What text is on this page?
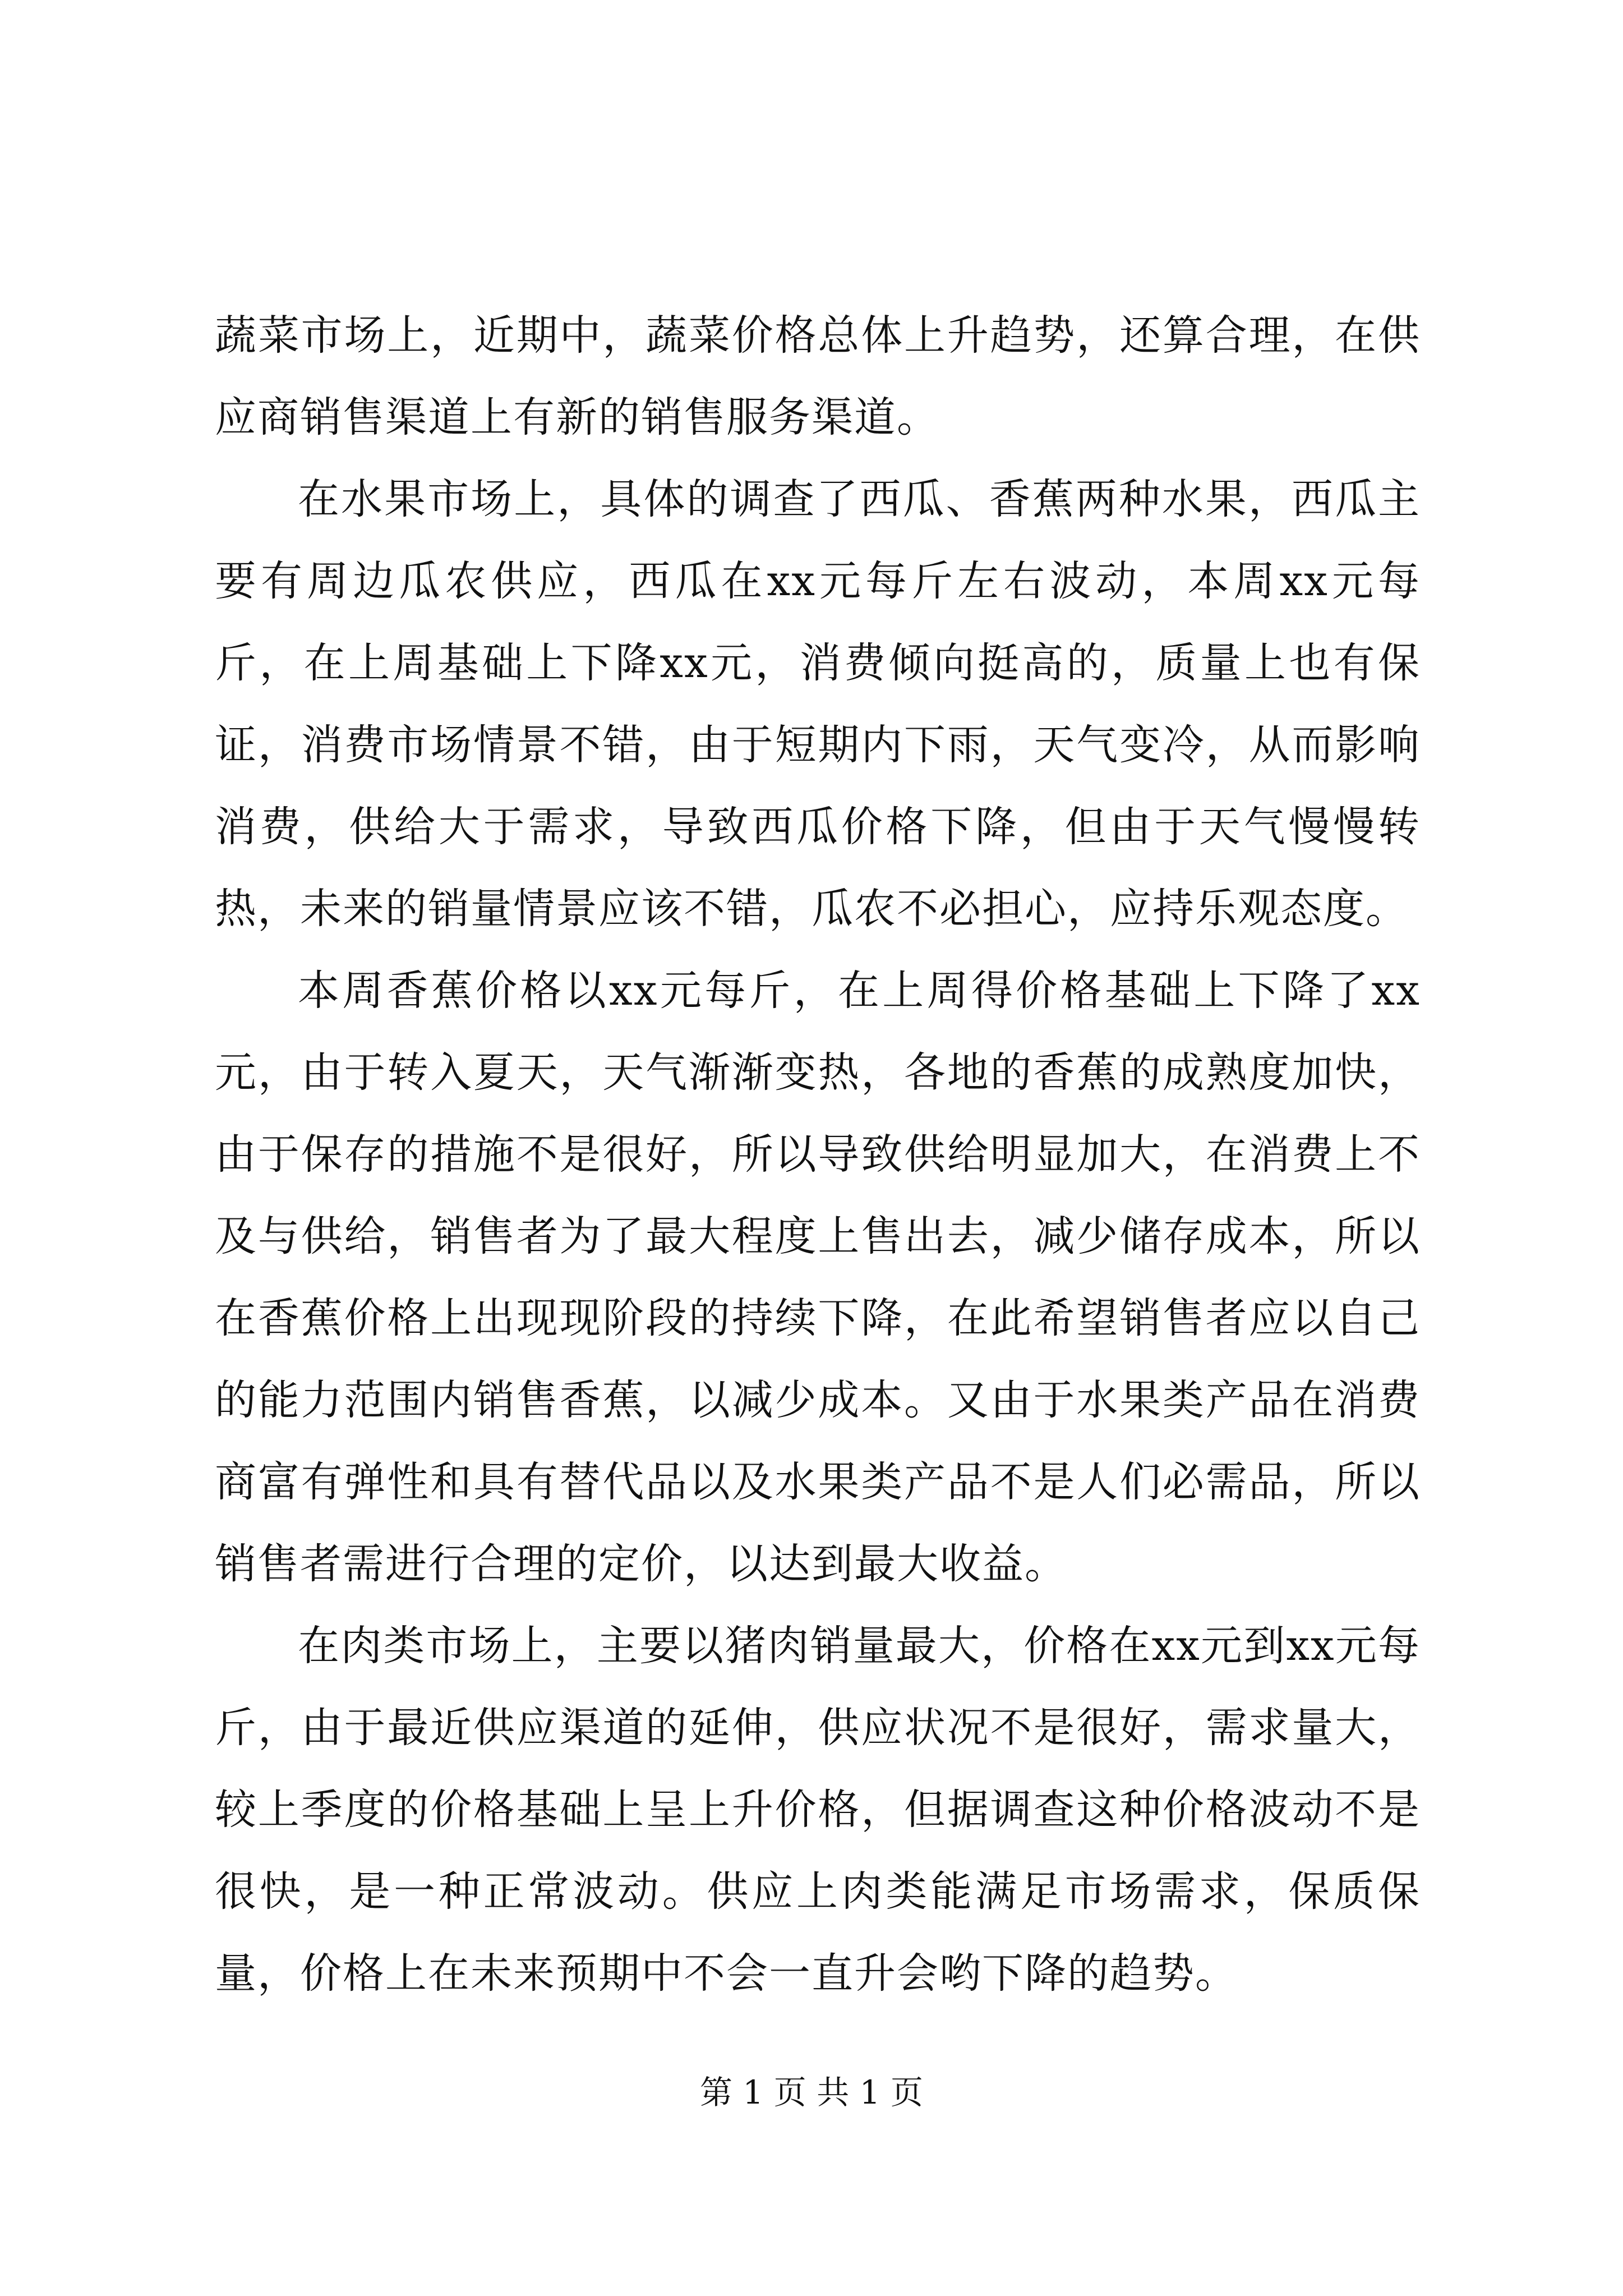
蔬菜市场上，近期中，蔬菜价格总体上升趋势，还算合理，在供应商销售渠道上有新的销售服务渠道。

在水果市场上，具体的调查了西瓜、香蕉两种水果，西瓜主要有周边瓜农供应，西瓜在xx元每斤左右波动，本周xx元每斤，在上周基础上下降xx元，消费倾向挺高的，质量上也有保证，消费市场情景不错，由于短期内下雨，天气变冷，从而影响消费，供给大于需求，导致西瓜价格下降，但由于天气慢慢转热，未来的销量情景应该不错，瓜农不必担心，应持乐观态度。

本周香蕉价格以xx元每斤，在上周得价格基础上下降了xx元，由于转入夏天，天气渐渐变热，各地的香蕉的成熟度加快，由于保存的措施不是很好，所以导致供给明显加大，在消费上不及与供给，销售者为了最大程度上售出去，减少储存成本，所以在香蕉价格上出现现阶段的持续下降，在此希望销售者应以自己的能力范围内销售香蕉，以减少成本。又由于水果类产品在消费商富有弹性和具有替代品以及水果类产品不是人们必需品，所以销售者需进行合理的定价，以达到最大收益。

在肉类市场上，主要以猪肉销量最大，价格在xx元到xx元每斤，由于最近供应渠道的延伸，供应状况不是很好，需求量大，较上季度的价格基础上呈上升价格，但据调查这种价格波动不是很快，是一种正常波动。供应上肉类能满足市场需求，保质保量，价格上在未来预期中不会一直升会哟下降的趋势。

第 1 页 共 1 页
